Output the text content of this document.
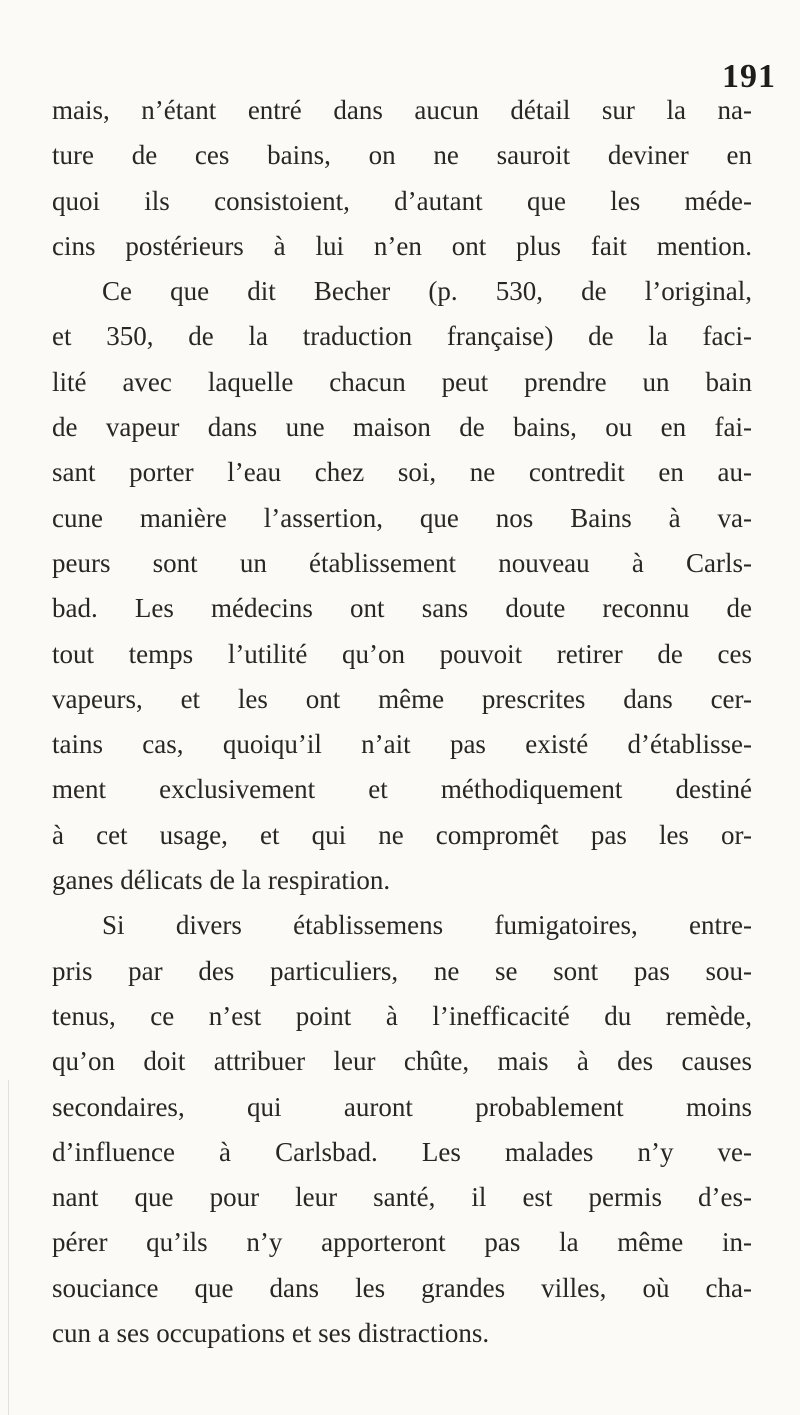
191
mais, n’étant entré dans aucun détail sur la na-
ture de ces bains, on ne sauroit deviner en
quoi ils consistoient, d’autant que les méde-
cins postérieurs à lui n’en ont plus fait mention.
Ce que dit Becher (p. 530, de l’original,
et 350, de la traduction française) de la faci-
lité avec laquelle chacun peut prendre un bain
de vapeur dans une maison de bains, ou en fai-
sant porter l’eau chez soi, ne contredit en au-
cune manière l’assertion, que nos Bains à va-
peurs sont un établissement nouveau à Carls-
bad. Les médecins ont sans doute reconnu de
tout temps l’utilité qu’on pouvoit retirer de ces
vapeurs, et les ont même prescrites dans cer-
tains cas, quoiqu’il n’ait pas existé d’établisse-
ment exclusivement et méthodiquement destiné
à cet usage, et qui ne compromêt pas les or-
ganes délicats de la respiration.
Si divers établissemens fumigatoires, entre-
pris par des particuliers, ne se sont pas sou-
tenus, ce n’est point à l’inefficacité du remède,
qu’on doit attribuer leur chûte, mais à des causes
secondaires, qui auront probablement moins
d’influence à Carlsbad. Les malades n’y ve-
nant que pour leur santé, il est permis d’es-
pérer qu’ils n’y apporteront pas la même in-
souciance que dans les grandes villes, où cha-
cun a ses occupations et ses distractions.
